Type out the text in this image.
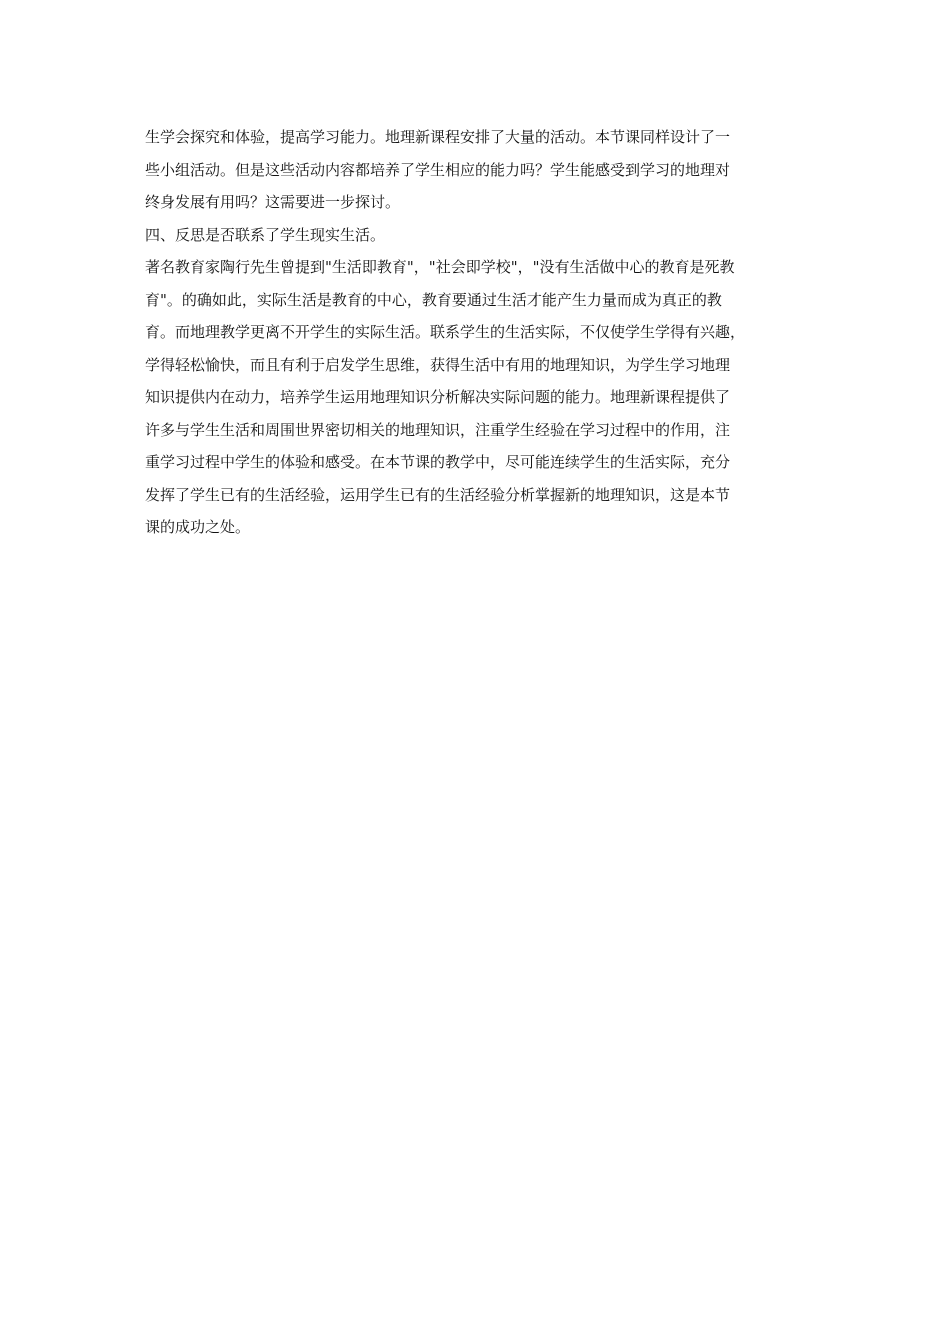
生学会探究和体验，提高学习能力。地理新课程安排了大量的活动。本节课同样设计了一
些小组活动。但是这些活动内容都培养了学生相应的能力吗？学生能感受到学习的地理对
终身发展有用吗？这需要进一步探讨。
四、反思是否联系了学生现实生活。
著名教育家陶行先生曾提到"生活即教育"，"社会即学校"，"没有生活做中心的教育是死教
育"。的确如此，实际生活是教育的中心，教育要通过生活才能产生力量而成为真正的教
育。而地理教学更离不开学生的实际生活。联系学生的生活实际，不仅使学生学得有兴趣，
学得轻松愉快，而且有利于启发学生思维，获得生活中有用的地理知识，为学生学习地理
知识提供内在动力，培养学生运用地理知识分析解决实际问题的能力。地理新课程提供了
许多与学生生活和周围世界密切相关的地理知识，注重学生经验在学习过程中的作用，注
重学习过程中学生的体验和感受。在本节课的教学中，尽可能连续学生的生活实际，充分
发挥了学生已有的生活经验，运用学生已有的生活经验分析掌握新的地理知识，这是本节
课的成功之处。
